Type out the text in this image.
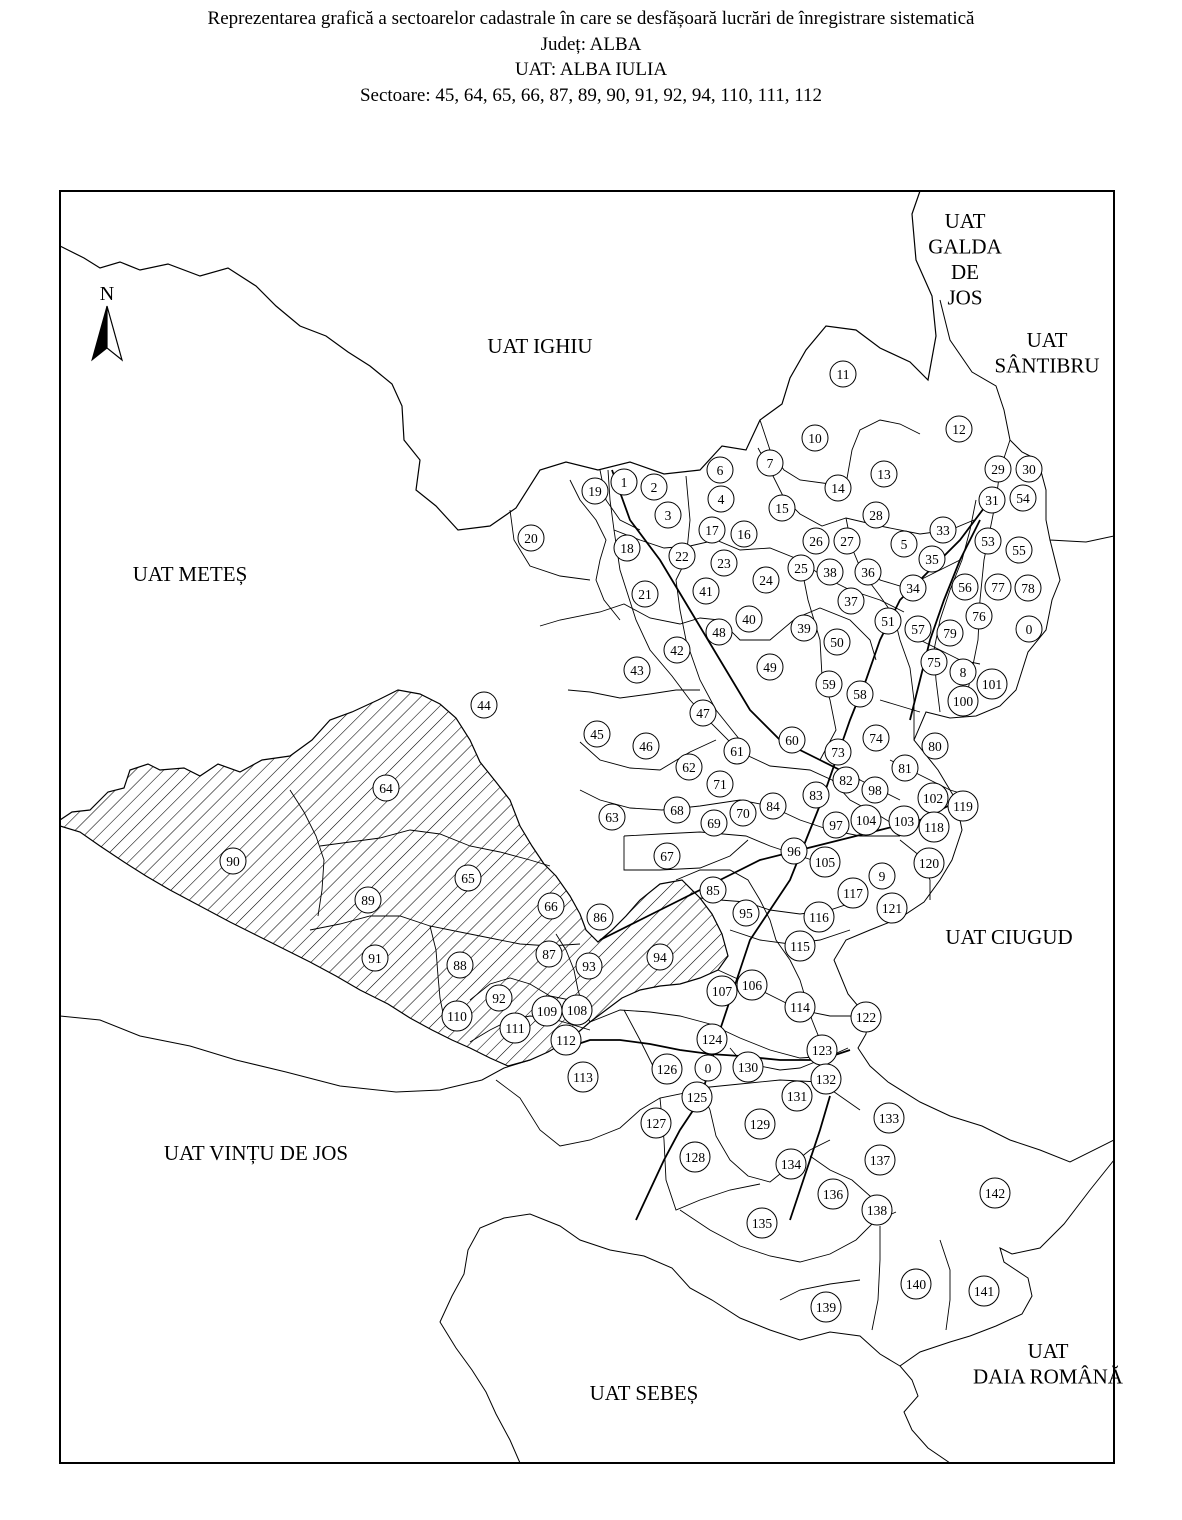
Reprezentarea grafică a sectoarelor cadastrale în care se desfășoară lucrări de înregistrare sistematică
Județ: ALBA
UAT: ALBA IULIA
Sectoare: 45, 64, 65, 66, 87, 89, 90, 91, 92, 94, 110, 111, 112
N
UAT GALDA DE JOS
UAT IGHIU	UAT SÂNTIBRU
UAT METEȘ
UAT CIUGUD
UAT VINȚU DE JOS
UAT SEBEȘ
UAT DAIA ROMÂNĂ
11
10
12
7
6	13
14
29 30
1 2
19
4	31 54
3	15	28
33
20
17 16	26 27	5	53
55
18
22 23	25 38 36
35
24
21	41
37
34	56 77 78
76
40	51
57 79
48	39	0
42
50
43
75
8
49
101
100
59
58
44
47
45	60	74
73	80
61
46
62
82
81
71	98
102
84
83
119
63	68	70
69	97 104 103 118
96
67	105
9
120
85	117
121
86	95
66
116
115
65
89
87	94
93
91	88
107 106
114
92
108
109
110
111
122
112	124
123
126	130
0
132
113
125	131
133
127	129
128	137
134
142
136
138
135
140	141
139
64
90
